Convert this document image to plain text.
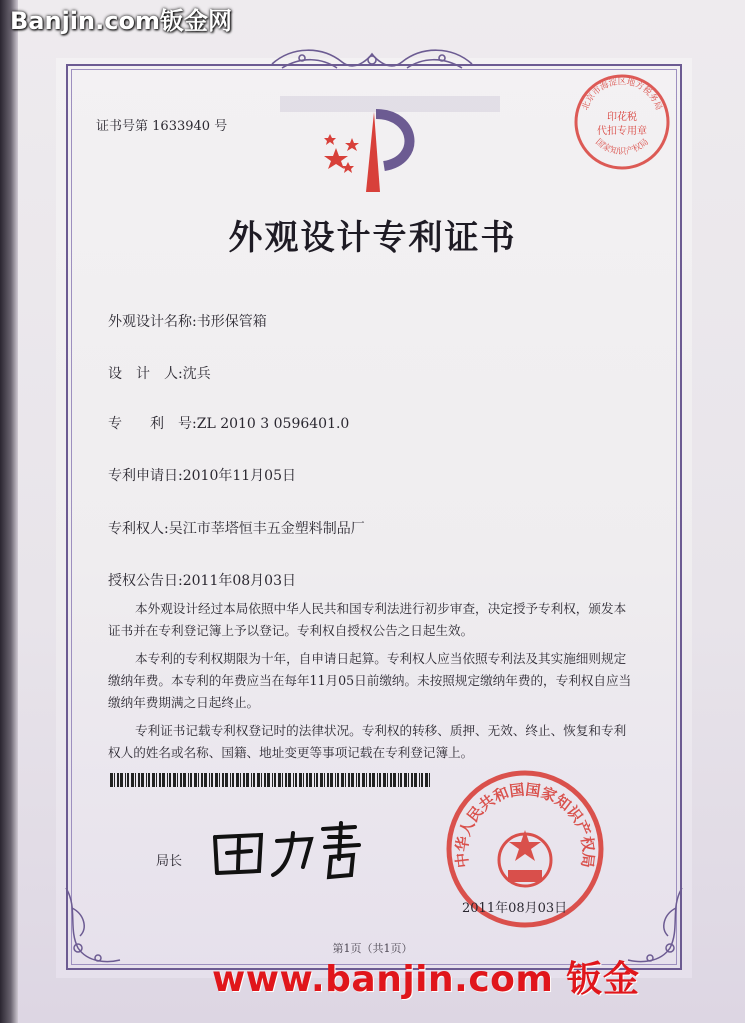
Banjin.com钣金网
证书号第 1633940 号
外观设计专利证书
外观设计名称:书形保管箱
设　计　人:沈兵
专　　利　号:ZL 2010 3 0596401.0
专利申请日:2010年11月05日
专利权人:吴江市莘塔恒丰五金塑料制品厂
授权公告日:2011年08月03日

本外观设计经过本局依照中华人民共和国专利法进行初步审查，决定授予专利权，颁发本证书并在专利登记簿上予以登记。专利权自授权公告之日起生效。

本专利的专利权期限为十年，自申请日起算。专利权人应当依照专利法及其实施细则规定缴纳年费。本专利的年费应当在每年11月05日前缴纳。未按照规定缴纳年费的，专利权自应当缴纳年费期满之日起终止。

专利证书记载专利权登记时的法律状况。专利权的转移、质押、无效、终止、恢复和专利权人的姓名或名称、国籍、地址变更等事项记载在专利登记簿上。

局长	中华人民共和国国家知识产权局
2011年08月03日
北京市海淀区地方税务局
国家知识产权局
印花税
代扣专用章
第1页（共1页）
www.banjin.com 钣金
